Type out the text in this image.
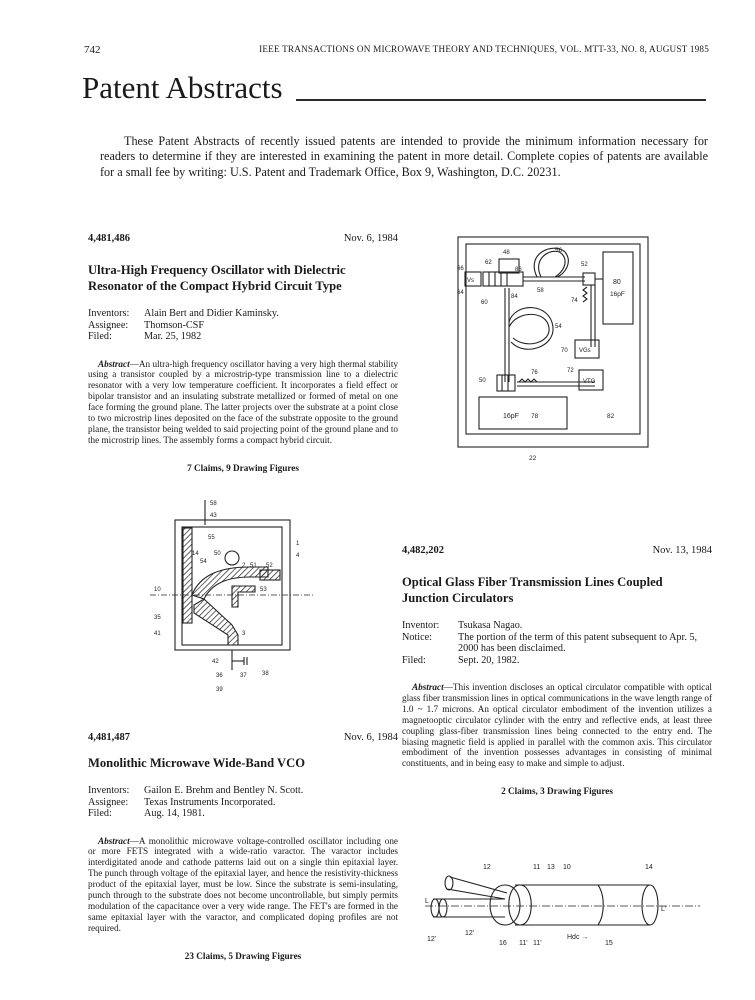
742	IEEE TRANSACTIONS ON MICROWAVE THEORY AND TECHNIQUES, VOL. MTT-33, NO. 8, AUGUST 1985
Patent Abstracts
These Patent Abstracts of recently issued patents are intended to provide the minimum information necessary for readers to determine if they are interested in examining the patent in more detail. Complete copies of patents are available for a small fee by writing: U.S. Patent and Trademark Office, Box 9, Washington, D.C. 20231.
4,481,486	Nov. 6, 1984
Ultra-High Frequency Oscillator with Dielectric Resonator of the Compact Hybrid Circuit Type
Inventors:	Alain Bert and Didier Kaminsky.
Assignee:	Thomson-CSF
Filed:	Mar. 25, 1982
Abstract—An ultra-high frequency oscillator having a very high thermal stability using a transistor coupled by a microstrip-type transmission line to a dielectric resonator with a very low temperature coefficient. It incorporates a field effect or bipolar transistor and an insulating substrate metallized or formed of metal on one face forming the ground plane. The latter projects over the substrate at a point close to two microstrip lines deposited on the face of the substrate opposite to the ground plane, the transistor being welded to said projecting point of the ground plane and to the microstrip lines. The assembly forms a compact hybrid circuit.
7 Claims, 9 Drawing Figures
4,481,487	Nov. 6, 1984
Monolithic Microwave Wide-Band VCO
Inventors:	Gailon E. Brehm and Bentley N. Scott.
Assignee:	Texas Instruments Incorporated.
Filed:	Aug. 14, 1981.
Abstract—A monolithic microwave voltage-controlled oscillator including one or more FETS integrated with a wide-ratio varactor. The varactor includes interdigitated anode and cathode patterns laid out on a single thin epitaxial layer. The punch through voltage of the epitaxial layer, and hence the resistivity-thickness product of the epitaxial layer, must be low. Since the substrate is semi-insulating, punch through to the substrate does not become uncontrollable, but simply permits modulation of the capacitance over a very wide range. The FET's are formed in the same epitaxial layer with the varactor, and complicated doping profiles are not required.
23 Claims, 5 Drawing Figures
4,482,202	Nov. 13, 1984
Optical Glass Fiber Transmission Lines Coupled Junction Circulators
Inventor:	Tsukasa Nagao.
Notice:	The portion of the term of this patent subsequent to Apr. 5, 2000 has been disclaimed.
Filed:	Sept. 20, 1982.
Abstract—This invention discloses an optical circulator compatible with optical glass fiber transmission lines in optical communications in the wave length range of 1.0 ~ 1.7 microns. An optical circulator embodiment of the invention utilizes a magnetooptic circulator cylinder with the entry and reflective ends, at least three coupling glass-fiber transmission lines being connected to the entry end. The biasing magnetic field is applied in parallel with the common axis. This circulator embodiment of the invention possesses advantages in consisting of minimal constituents, and in being easy to make and simple to adjust.
2 Claims, 3 Drawing Figures
80
16pF
Vs
VGs
VTG
16pF 78	82
22
56
48
62
86
66
64	58
84
60
52
74
54
70
50
76	72
58
43
55
14
54
50
2 51 52
1
4
53
10
35
3
41
42
36	37	38
39
12	11 13 10	14
L
L'
12'
12'
16 11' 11'
Hdc →
15
